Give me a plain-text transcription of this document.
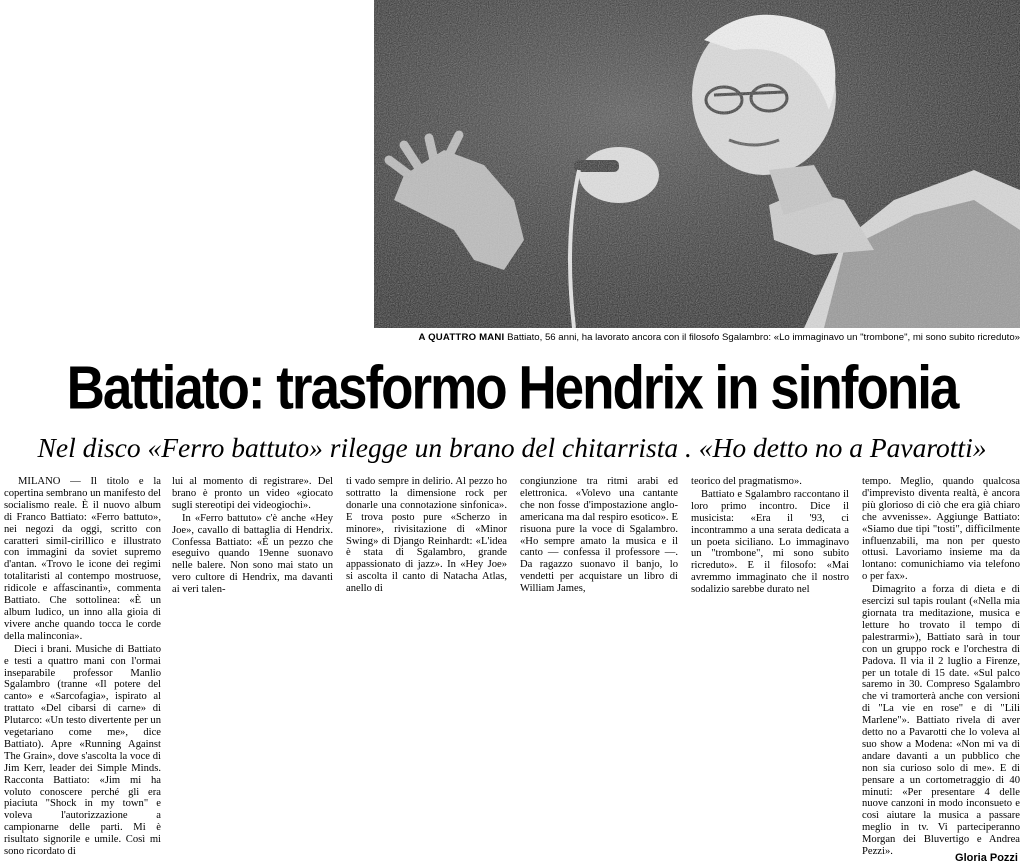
A QUATTRO MANI Battiato, 56 anni, ha lavorato ancora con il filosofo Sgalambro: «Lo immaginavo un "trombone", mi sono subito ricreduto»
Battiato: trasformo Hendrix in sinfonia
Nel disco «Ferro battuto» rilegge un brano del chitarrista . «Ho detto no a Pavarotti»

MILANO — Il titolo e la copertina sembrano un manifesto del socialismo reale. È il nuovo album di Franco Battiato: «Ferro battuto», nei negozi da oggi, scritto con caratteri simil-cirillico e illustrato con immagini da soviet supremo d'antan. «Trovo le icone dei regimi totalitaristi al contempo mostruose, ridicole e affascinanti», commenta Battiato. Che sottolinea: «È un album ludico, un inno alla gioia di vivere anche quando tocca le corde della malinconia».

Dieci i brani. Musiche di Battiato e testi a quattro mani con l'ormai inseparabile professor Manlio Sgalambro (tranne «Il potere del canto» e «Sarcofagia», ispirato al trattato «Del cibarsi di carne» di Plutarco: «Un testo divertente per un vegetariano come me», dice Battiato). Apre «Running Against The Grain», dove s'ascolta la voce di Jim Kerr, leader dei Simple Minds. Racconta Battiato: «Jim mi ha voluto conoscere perché gli era piaciuta "Shock in my town" e voleva l'autorizzazione a campionarne delle parti. Mi è risultato signorile e umile. Così mi sono ricordato di

lui al momento di registrare». Del brano è pronto un video «giocato sugli stereotipi dei videogiochi».

In «Ferro battuto» c'è anche «Hey Joe», cavallo di battaglia di Hendrix. Confessa Battiato: «È un pezzo che eseguivo quando 19enne suonavo nelle balere. Non sono mai stato un vero cultore di Hendrix, ma davanti ai veri talen-

ti vado sempre in delirio. Al pezzo ho sottratto la dimensione rock per donarle una connotazione sinfonica». E trova posto pure «Scherzo in minore», rivisitazione di «Minor Swing» di Django Reinhardt: «L'idea è stata di Sgalambro, grande appassionato di jazz». In «Hey Joe» si ascolta il canto di Natacha Atlas, anello di

congiunzione tra ritmi arabi ed elettronica. «Volevo una cantante che non fosse d'impostazione anglo-americana ma dal respiro esotico». E risuona pure la voce di Sgalambro. «Ho sempre amato la musica e il canto — confessa il professore —. Da ragazzo suonavo il banjo, lo vendetti per acquistare un libro di William James,

teorico del pragmatismo».

Battiato e Sgalambro raccontano il loro primo incontro. Dice il musicista: «Era il '93, ci incontrammo a una serata dedicata a un poeta siciliano. Lo immaginavo un "trombone", mi sono subito ricreduto». E il filosofo: «Mai avremmo immaginato che il nostro sodalizio sarebbe durato nel

tempo. Meglio, quando qualcosa d'imprevisto diventa realtà, è ancora più glorioso di ciò che era già chiaro che avvenisse». Aggiunge Battiato: «Siamo due tipi "tosti", difficilmente influenzabili, ma non per questo ottusi. Lavoriamo insieme ma da lontano: comunichiamo via telefono o per fax».

Dimagrito a forza di dieta e di esercizi sul tapis roulant («Nella mia giornata tra meditazione, musica e letture ho trovato il tempo di palestrarmi»), Battiato sarà in tour con un gruppo rock e l'orchestra di Padova. Il via il 2 luglio a Firenze, per un totale di 15 date. «Sul palco saremo in 30. Compreso Sgalambro che vi tramorterà anche con versioni di "La vie en rose" e di "Lili Marlene"». Battiato rivela di aver detto no a Pavarotti che lo voleva al suo show a Modena: «Non mi va di andare davanti a un pubblico che non sia curioso solo di me». E di pensare a un cortometraggio di 40 minuti: «Per presentare 4 delle nuove canzoni in modo inconsueto e così aiutare la musica a passare meglio in tv. Vi parteciperanno Morgan dei Bluvertigo e Andrea Pezzi».

Gloria Pozzi
